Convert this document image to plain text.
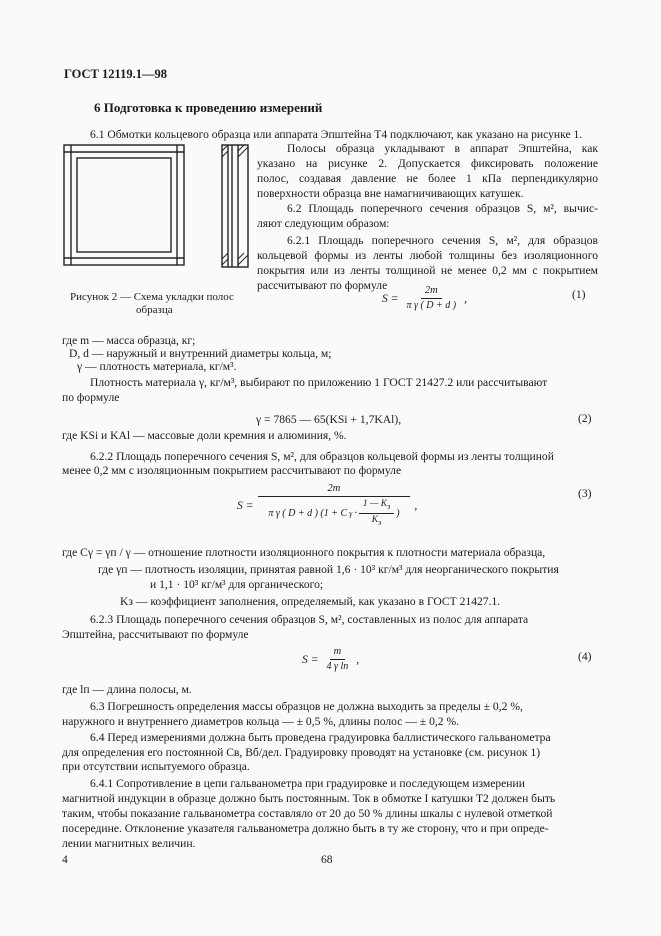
ГОСТ 12119.1—98
6 Подготовка к проведению измерений
6.1 Обмотки кольцевого образца или аппарата Эпштейна Т4 подключают, как указано на рисунке 1.
Рисунок 2 — Схема укладки полос
образца
Полосы образца укладывают в аппарат Эпштейна, как
указано на рисунке 2. Допускается фиксировать положение
полос, создавая давление не более 1 кПа перпендикулярно
поверхности образца вне намагничивающих катушек.
6.2 Площадь поперечного сечения образцов S, м², вычис-
ляют следующим образом:
6.2.1 Площадь поперечного сечения S, м², для образцов
кольцевой формы из ленты любой толщины без изоляционного
покрытия или из ленты толщиной не менее 0,2 мм с покрытием
рассчитывают по формуле
$S = \frac{2m}{\text{π γ ( D + d )}}$ ,	(1)
где m — масса образца, кг;
D, d — наружный и внутренний диаметры кольца, м;
γ — плотность материала, кг/м³.
Плотность материала γ, кг/м³, выбирают по приложению 1 ГОСТ 21427.2 или рассчитывают
по формуле
γ = 7865 — 65(KSi + 1,7KAl),	(2)
где KSi и KAl — массовые доли кремния и алюминия, %.
6.2.2 Площадь поперечного сечения S, м², для образцов кольцевой формы из ленты толщиной
менее 0,2 мм с изоляционным покрытием рассчитывают по формуле
S =
2m
π γ ( D + d ) (1 + C $\gamma \cdot \frac{1 — K_з}{K_з}$ )
,
(3)
где Cγ = γп / γ — отношение плотности изоляционного покрытия к плотности материала образца,
где γп — плотность изоляции, принятая равной 1,6 · 10³ кг/м³ для неорганического покрытия
и 1,1 · 10³ кг/м³ для органического;
Kз — коэффициент заполнения, определяемый, как указано в ГОСТ 21427.1.
6.2.3 Площадь поперечного сечения образцов S, м², составленных из полос для аппарата
Эпштейна, рассчитывают по формуле
$S = \frac{m}{\text{4 γ lп}}$ ,	(4)
где lп — длина полосы, м.
6.3 Погрешность определения массы образцов не должна выходить за пределы ± 0,2 %,
наружного и внутреннего диаметров кольца — ± 0,5 %, длины полос — ± 0,2 %.
6.4 Перед измерениями должна быть проведена градуировка баллистического гальванометра
для определения его постоянной Cв, Вб/дел. Градуировку проводят на установке (см. рисунок 1)
при отсутствии испытуемого образца.
6.4.1 Сопротивление в цепи гальванометра при градуировке и последующем измерении
магнитной индукции в образце должно быть постоянным. Ток в обмотке I катушки T2 должен быть
таким, чтобы показание гальванометра составляло от 20 до 50 % длины шкалы с нулевой отметкой
посередине. Отклонение указателя гальванометра должно быть в ту же сторону, что и при опреде-
лении магнитных величин.
4	68
